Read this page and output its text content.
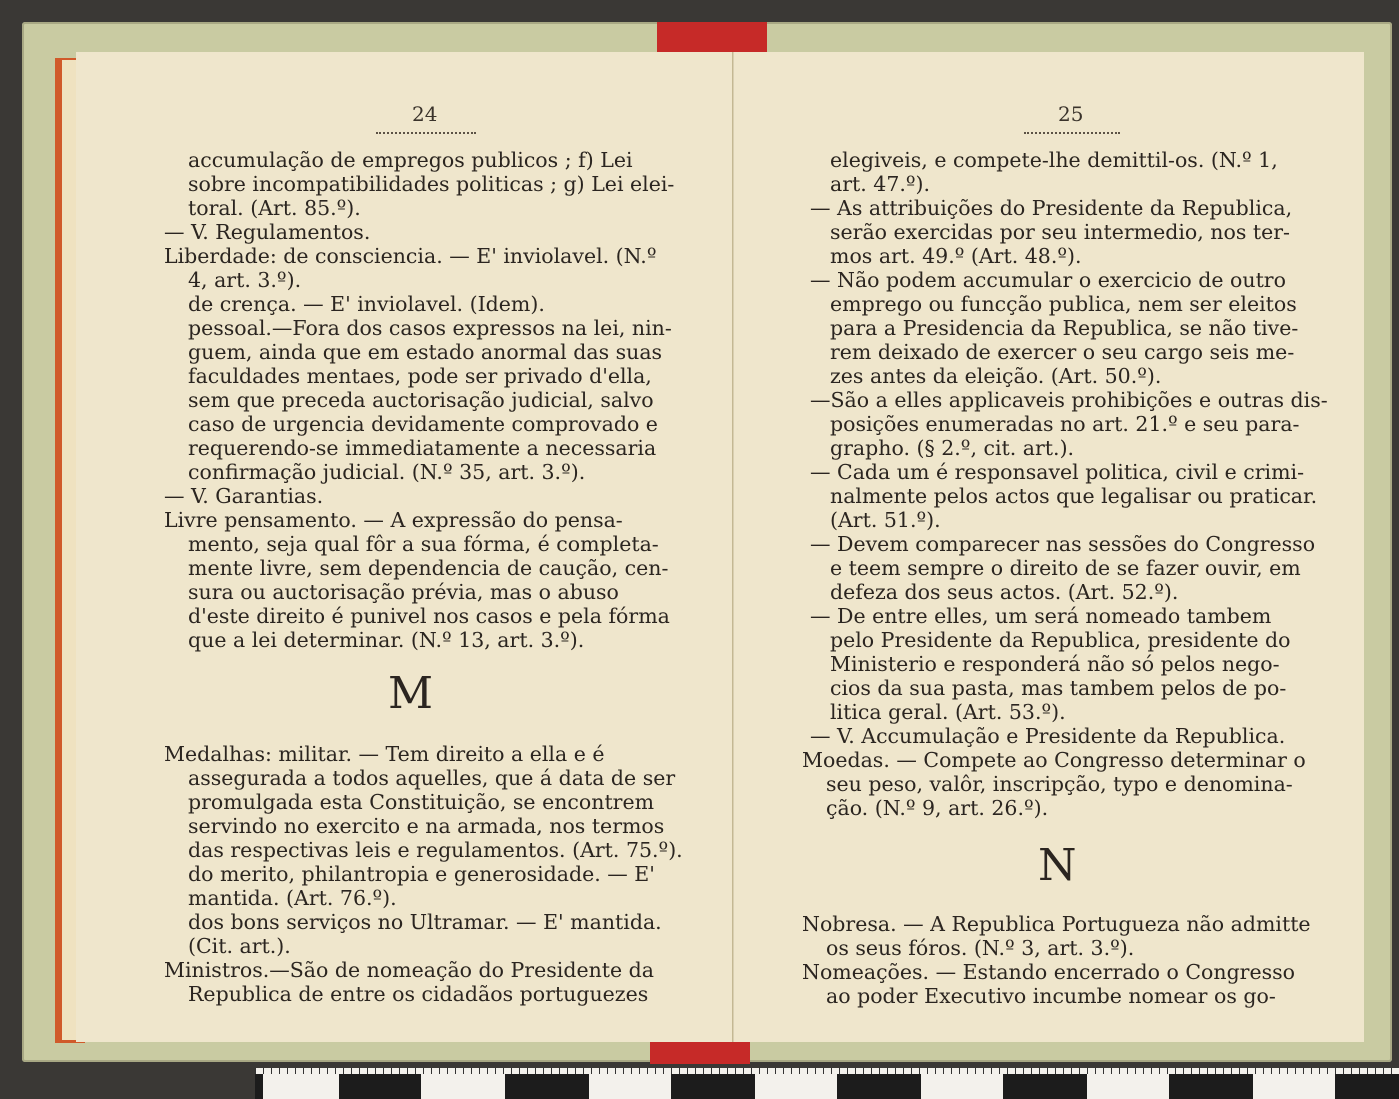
24
accumulação de empregos publicos ; f) Lei
sobre incompatibilidades politicas ; g) Lei elei-
toral. (Art. 85.º).
— V. Regulamentos.
Liberdade: de consciencia. — E' inviolavel. (N.º
4, art. 3.º).
de crença. — E' inviolavel. (Idem).
pessoal.—Fora dos casos expressos na lei, nin-
guem, ainda que em estado anormal das suas
faculdades mentaes, pode ser privado d'ella,
sem que preceda auctorisação judicial, salvo
caso de urgencia devidamente comprovado e
requerendo-se immediatamente a necessaria
confirmação judicial. (N.º 35, art. 3.º).
— V. Garantias.
Livre pensamento. — A expressão do pensa-
mento, seja qual fôr a sua fórma, é completa-
mente livre, sem dependencia de caução, cen-
sura ou auctorisação prévia, mas o abuso
d'este direito é punivel nos casos e pela fórma
que a lei determinar. (N.º 13, art. 3.º).
M
Medalhas: militar. — Tem direito a ella e é
assegurada a todos aquelles, que á data de ser
promulgada esta Constituição, se encontrem
servindo no exercito e na armada, nos termos
das respectivas leis e regulamentos. (Art. 75.º).
do merito, philantropia e generosidade. — E'
mantida. (Art. 76.º).
dos bons serviços no Ultramar. — E' mantida.
(Cit. art.).
Ministros.—São de nomeação do Presidente da
Republica de entre os cidadãos portuguezes
25
elegiveis, e compete-lhe demittil-os. (N.º 1,
art. 47.º).
— As attribuições do Presidente da Republica,
serão exercidas por seu intermedio, nos ter-
mos art. 49.º (Art. 48.º).
— Não podem accumular o exercicio de outro
emprego ou funcção publica, nem ser eleitos
para a Presidencia da Republica, se não tive-
rem deixado de exercer o seu cargo seis me-
zes antes da eleição. (Art. 50.º).
—São a elles applicaveis prohibições e outras dis-
posições enumeradas no art. 21.º e seu para-
grapho. (§ 2.º, cit. art.).
— Cada um é responsavel politica, civil e crimi-
nalmente pelos actos que legalisar ou praticar.
(Art. 51.º).
— Devem comparecer nas sessões do Congresso
e teem sempre o direito de se fazer ouvir, em
defeza dos seus actos. (Art. 52.º).
— De entre elles, um será nomeado tambem
pelo Presidente da Republica, presidente do
Ministerio e responderá não só pelos nego-
cios da sua pasta, mas tambem pelos de po-
litica geral. (Art. 53.º).
— V. Accumulação e Presidente da Republica.
Moedas. — Compete ao Congresso determinar o
seu peso, valôr, inscripção, typo e denomina-
ção. (N.º 9, art. 26.º).
N
Nobresa. — A Republica Portugueza não admitte
os seus fóros. (N.º 3, art. 3.º).
Nomeações. — Estando encerrado o Congresso
ao poder Executivo incumbe nomear os go-
